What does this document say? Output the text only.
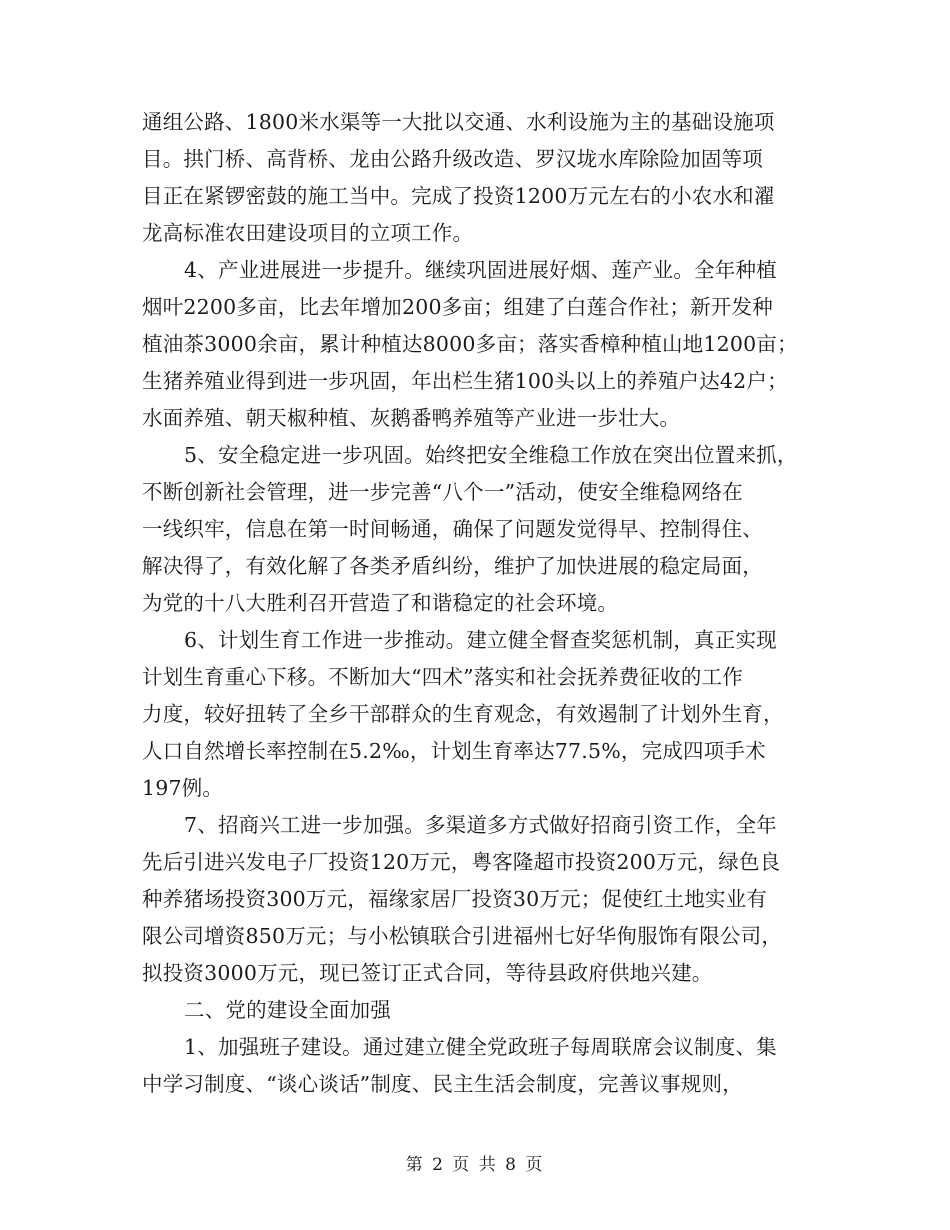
通组公路、1800米水渠等一大批以交通、水利设施为主的基础设施项
目。拱门桥、高背桥、龙由公路升级改造、罗汉垅水库除险加固等项
目正在紧锣密鼓的施工当中。完成了投资1200万元左右的小农水和濯
龙高标准农田建设项目的立项工作。
4、产业进展进一步提升。继续巩固进展好烟、莲产业。全年种植
烟叶2200多亩，比去年增加200多亩；组建了白莲合作社；新开发种
植油茶3000余亩，累计种植达8000多亩；落实香樟种植山地1200亩；
生猪养殖业得到进一步巩固，年出栏生猪100头以上的养殖户达42户；
水面养殖、朝天椒种植、灰鹅番鸭养殖等产业进一步壮大。
5、安全稳定进一步巩固。始终把安全维稳工作放在突出位置来抓，
不断创新社会管理，进一步完善“八个一”活动，使安全维稳网络在
一线织牢，信息在第一时间畅通，确保了问题发觉得早、控制得住、
解决得了，有效化解了各类矛盾纠纷，维护了加快进展的稳定局面，
为党的十八大胜利召开营造了和谐稳定的社会环境。
6、计划生育工作进一步推动。建立健全督查奖惩机制，真正实现
计划生育重心下移。不断加大“四术”落实和社会抚养费征收的工作
力度，较好扭转了全乡干部群众的生育观念，有效遏制了计划外生育，
人口自然增长率控制在5.2‰，计划生育率达77.5%，完成四项手术
197例。
7、招商兴工进一步加强。多渠道多方式做好招商引资工作，全年
先后引进兴发电子厂投资120万元，粤客隆超市投资200万元，绿色良
种养猪场投资300万元，福缘家居厂投资30万元；促使红土地实业有
限公司增资850万元；与小松镇联合引进福州七好华侚服饰有限公司，
拟投资3000万元，现已签订正式合同，等待县政府供地兴建。
二、党的建设全面加强
1、加强班子建设。通过建立健全党政班子每周联席会议制度、集
中学习制度、“谈心谈话”制度、民主生活会制度，完善议事规则，
第 2 页 共 8 页
